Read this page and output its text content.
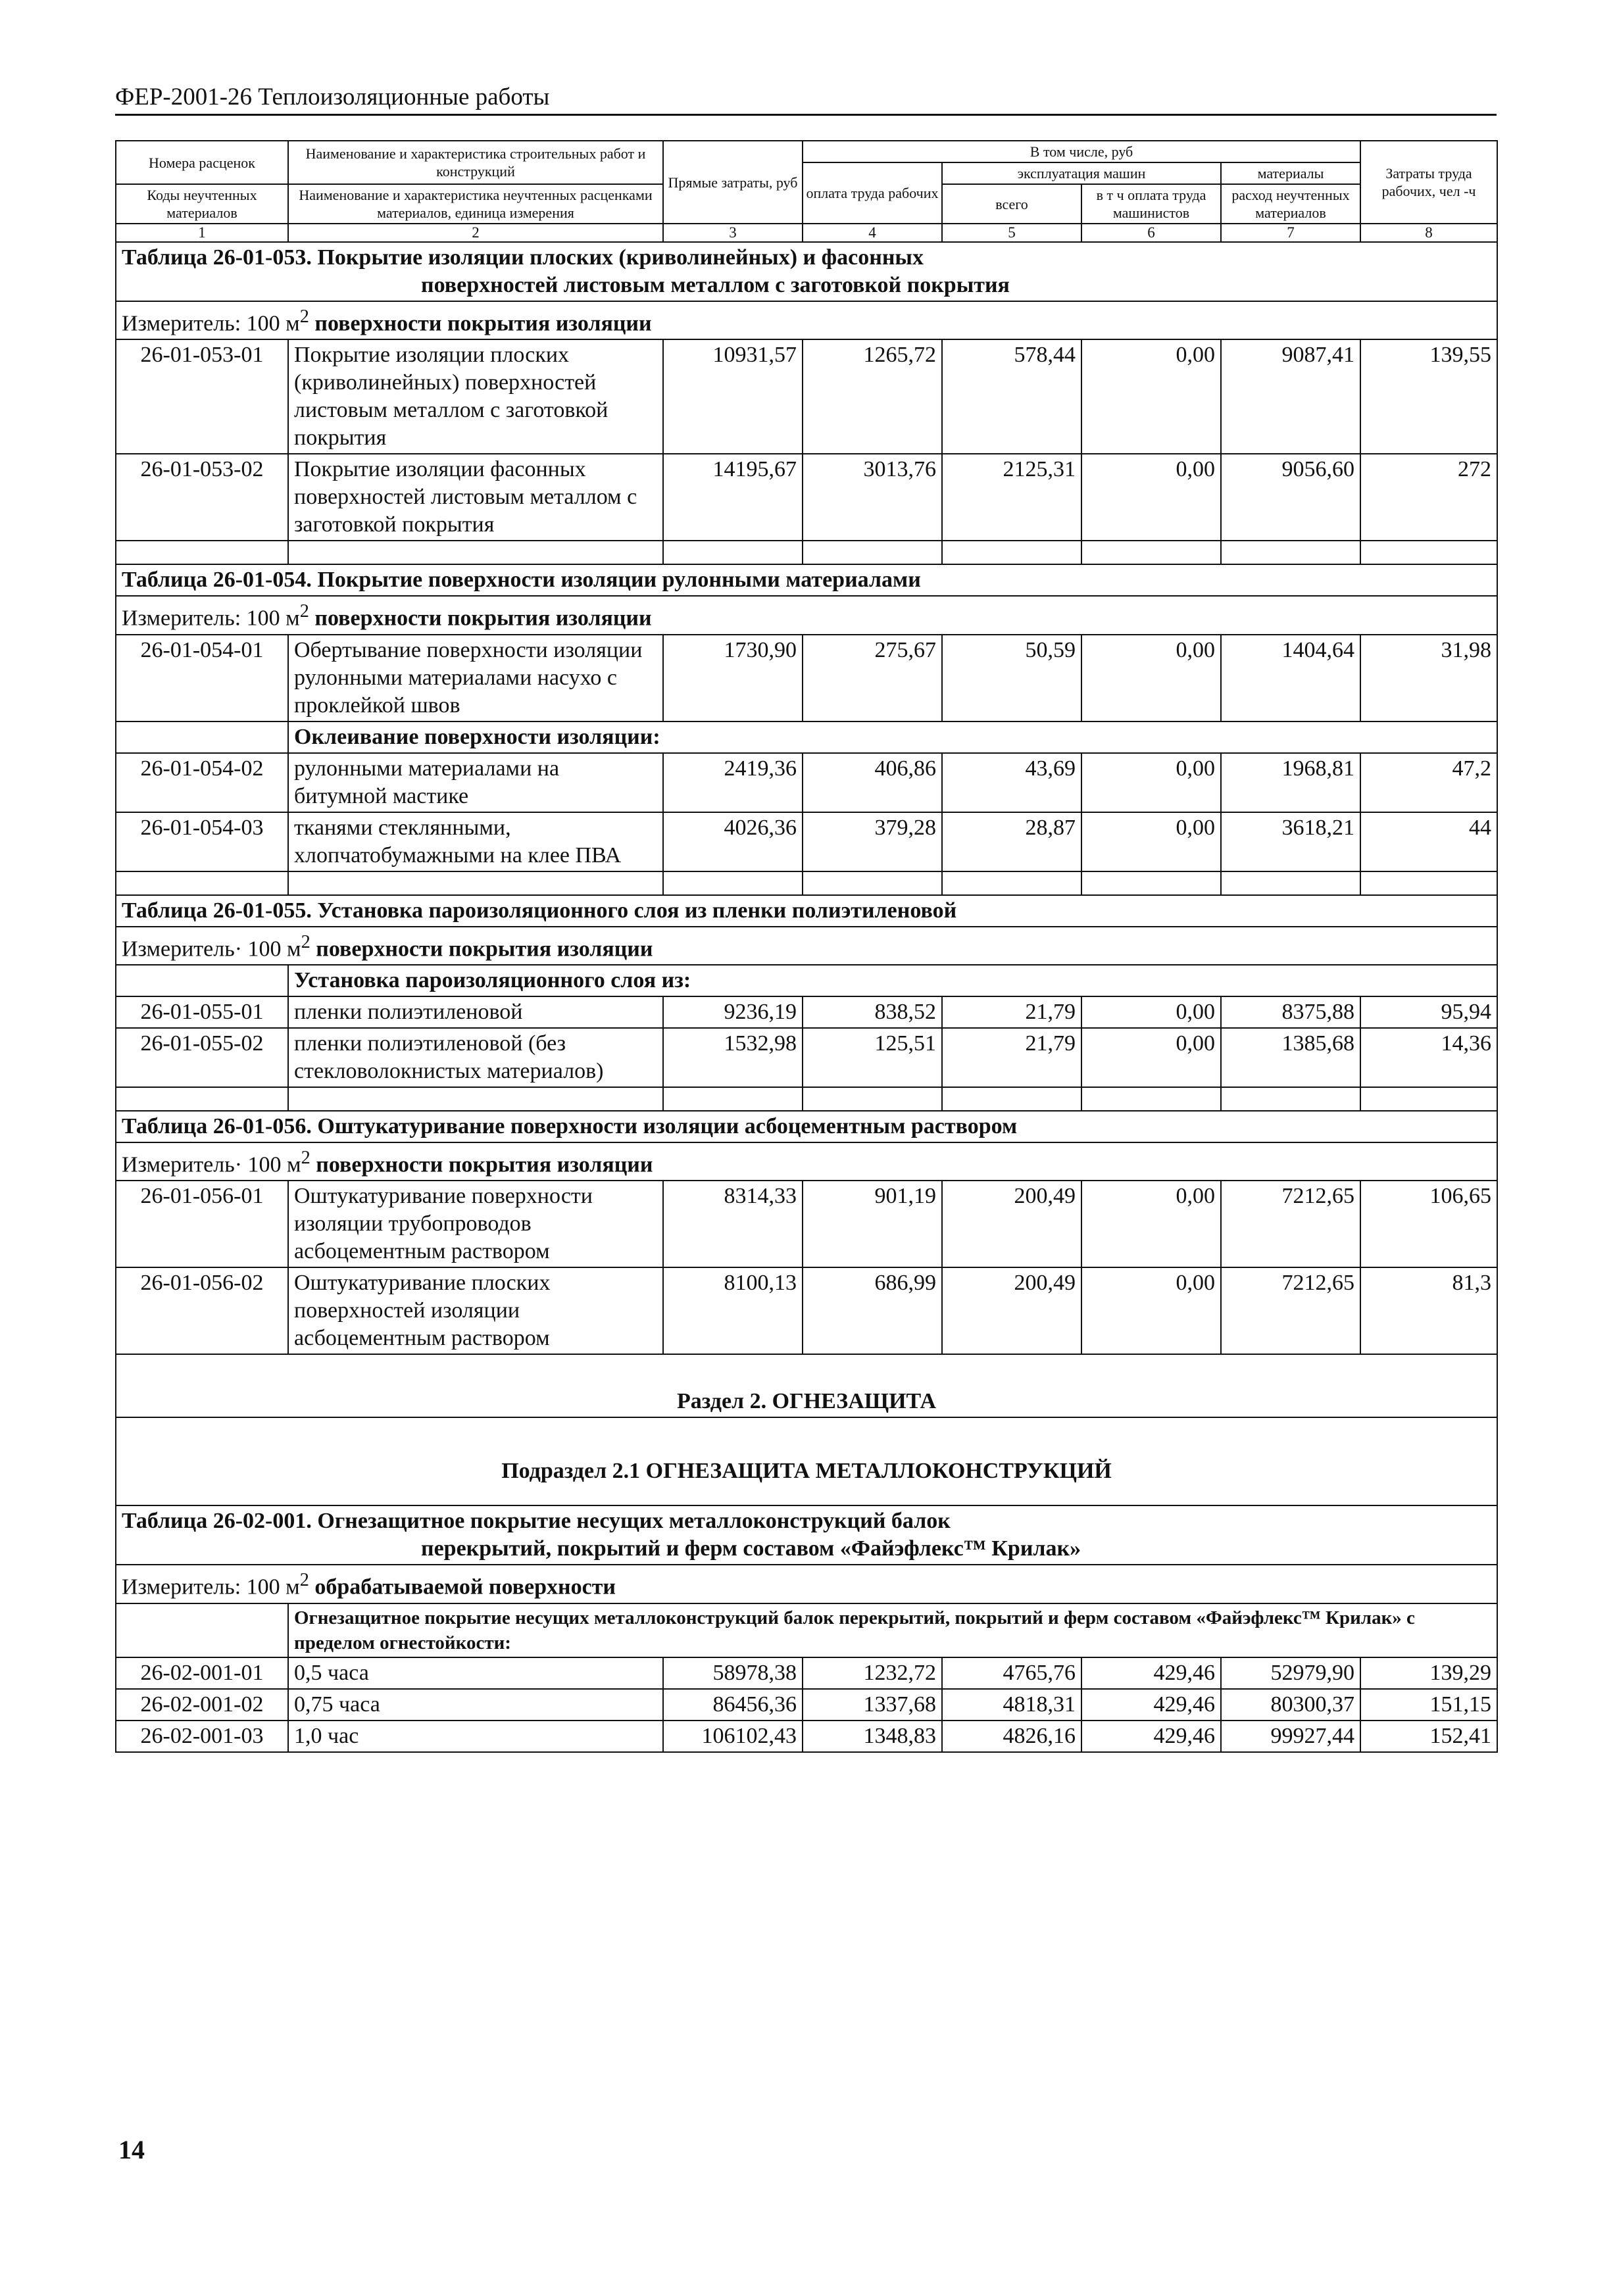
ФЕР-2001-26 Теплоизоляционные работы
Номера расценок	Наименование и характеристика строительных работ и конструкций	Прямые затраты, руб	В том числе, руб				Затраты труда рабочих, чел -ч
			оплата труда рабочих	эксплуатация машин		материалы	
Коды неучтенных материалов	Наименование и характеристика неучтенных расценками материалов, единица измерения			всего	в т ч оплата труда машинистов	расход неучтенных материалов	

1	2	3	4	5	6	7	8

Таблица 26-01-053. Покрытие изоляции плоских (криволинейных) и фасонных
поверхностей листовым металлом с заготовкой покрытия							

Измеритель: 100 $м^2$ поверхности покрытия изоляции							
26-01-053-01	Покрытие изоляции плоских (криволинейных) поверхностей листовым металлом с заготовкой покрытия	10931,57	1265,72	578,44	0,00	9087,41	139,55
26-01-053-02	Покрытие изоляции фасонных поверхностей листовым металлом с заготовкой покрытия	14195,67	3013,76	2125,31	0,00	9056,60	272

Таблица 26-01-054. Покрытие поверхности изоляции рулонными материалами							
Измеритель: 100 $м^2$ поверхности покрытия изоляции							
26-01-054-01	Обертывание поверхности изоляции рулонными материалами насухо с проклейкой швов	1730,90	275,67	50,59	0,00	1404,64	31,98
	Оклеивание поверхности изоляции:						
26-01-054-02	рулонными материалами на битумной мастике	2419,36	406,86	43,69	0,00	1968,81	47,2
26-01-054-03	тканями стеклянными, хлопчатобумажными на клее ПВА	4026,36	379,28	28,87	0,00	3618,21	44

Таблица 26-01-055. Установка пароизоляционного слоя из пленки полиэтиленовой							
Измеритель· 100 $м^2$ поверхности покрытия изоляции							
	Установка пароизоляционного слоя из:						
26-01-055-01	пленки полиэтиленовой	9236,19	838,52	21,79	0,00	8375,88	95,94
26-01-055-02	пленки полиэтиленовой (без стекловолокнистых материалов)	1532,98	125,51	21,79	0,00	1385,68	14,36

Таблица 26-01-056. Оштукатуривание поверхности изоляции асбоцементным раствором							
Измеритель· 100 $м^2$ поверхности покрытия изоляции							
26-01-056-01	Оштукатуривание поверхности изоляции трубопроводов асбоцементным раствором	8314,33	901,19	200,49	0,00	7212,65	106,65
26-01-056-02	Оштукатуривание плоских поверхностей изоляции асбоцементным раствором	8100,13	686,99	200,49	0,00	7212,65	81,3
Раздел 2. ОГНЕЗАЩИТА							
Подраздел 2.1 ОГНЕЗАЩИТА МЕТАЛЛОКОНСТРУКЦИЙ							

Таблица 26-02-001. Огнезащитное покрытие несущих металлоконструкций балок
перекрытий, покрытий и ферм составом «Файэфлекс™ Крилак»							

Измеритель: 100 $м^2$ обрабатываемой поверхности							
	Огнезащитное покрытие несущих металлоконструкций балок перекрытий, покрытий и ферм составом «Файэфлекс™ Крилак» с пределом огнестойкости:						
26-02-001-01	0,5 часа	58978,38	1232,72	4765,76	429,46	52979,90	139,29
26-02-001-02	0,75 часа	86456,36	1337,68	4818,31	429,46	80300,37	151,15
26-02-001-03	1,0 час	106102,43	1348,83	4826,16	429,46	99927,44	152,41
14
